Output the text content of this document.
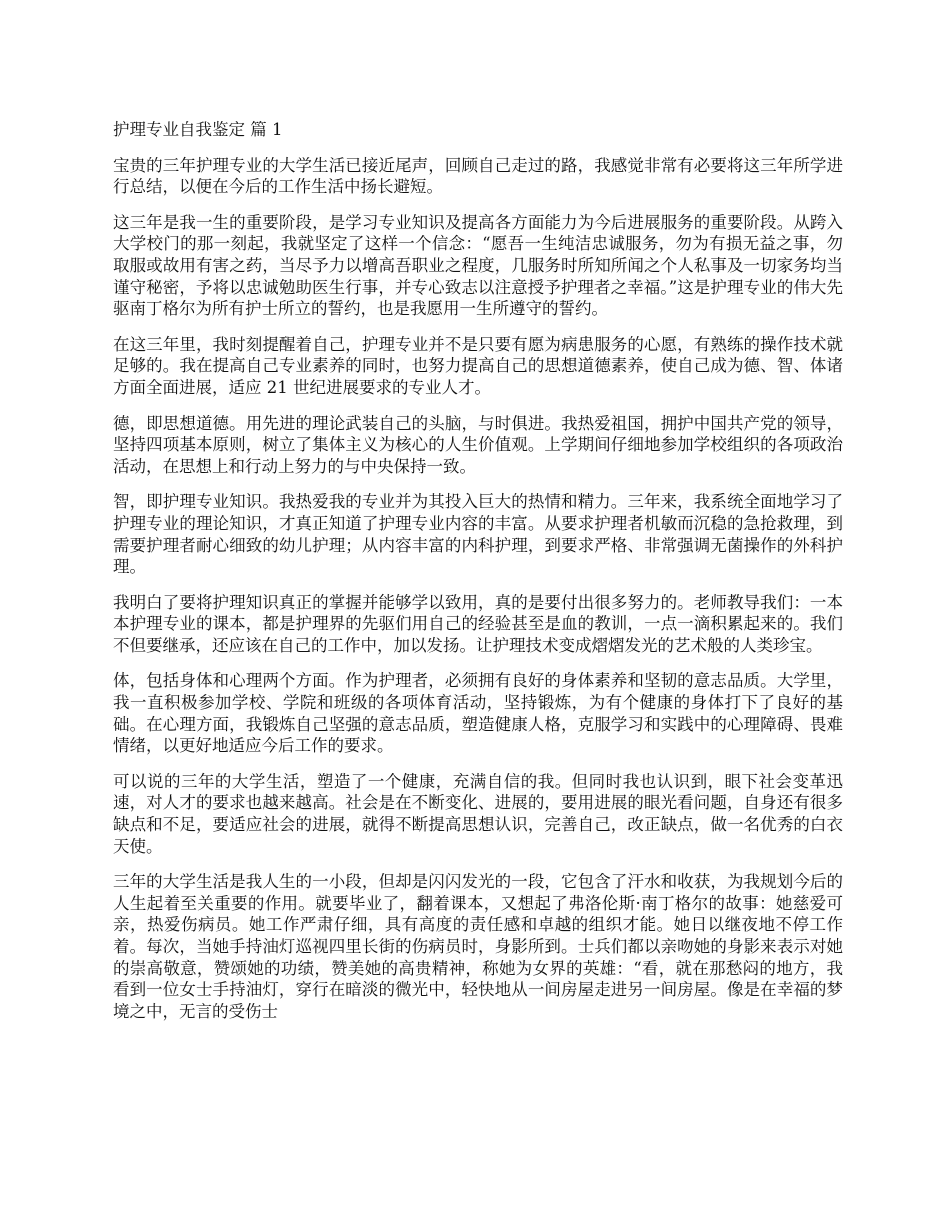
护理专业自我鉴定 篇 1

宝贵的三年护理专业的大学生活已接近尾声，回顾自己走过的路，我感觉非常有必要将这三年所学进行总结，以便在今后的工作生活中扬长避短。

这三年是我一生的重要阶段，是学习专业知识及提高各方面能力为今后进展服务的重要阶段。从跨入大学校门的那一刻起，我就坚定了这样一个信念：“愿吾一生纯洁忠诚服务，勿为有损无益之事，勿取服或故用有害之药，当尽予力以增高吾职业之程度，几服务时所知所闻之个人私事及一切家务均当谨守秘密，予将以忠诚勉助医生行事，并专心致志以注意授予护理者之幸福。”这是护理专业的伟大先驱南丁格尔为所有护士所立的誓约，也是我愿用一生所遵守的誓约。

在这三年里，我时刻提醒着自己，护理专业并不是只要有愿为病患服务的心愿，有熟练的操作技术就足够的。我在提高自己专业素养的同时，也努力提高自己的思想道德素养，使自己成为德、智、体诸方面全面进展，适应 21 世纪进展要求的专业人才。

德，即思想道德。用先进的理论武装自己的头脑，与时俱进。我热爱祖国，拥护中国共产党的领导，坚持四项基本原则，树立了集体主义为核心的人生价值观。上学期间仔细地参加学校组织的各项政治活动，在思想上和行动上努力的与中央保持一致。

智，即护理专业知识。我热爱我的专业并为其投入巨大的热情和精力。三年来，我系统全面地学习了护理专业的理论知识，才真正知道了护理专业内容的丰富。从要求护理者机敏而沉稳的急抢救理，到需要护理者耐心细致的幼儿护理；从内容丰富的内科护理，到要求严格、非常强调无菌操作的外科护理。

我明白了要将护理知识真正的掌握并能够学以致用，真的是要付出很多努力的。老师教导我们：一本本护理专业的课本，都是护理界的先驱们用自己的经验甚至是血的教训，一点一滴积累起来的。我们不但要继承，还应该在自己的工作中，加以发扬。让护理技术变成熠熠发光的艺术般的人类珍宝。

体，包括身体和心理两个方面。作为护理者，必须拥有良好的身体素养和坚韧的意志品质。大学里，我一直积极参加学校、学院和班级的各项体育活动，坚持锻炼，为有个健康的身体打下了良好的基础。在心理方面，我锻炼自己坚强的意志品质，塑造健康人格，克服学习和实践中的心理障碍、畏难情绪，以更好地适应今后工作的要求。

可以说的三年的大学生活，塑造了一个健康，充满自信的我。但同时我也认识到，眼下社会变革迅速，对人才的要求也越来越高。社会是在不断变化、进展的，要用进展的眼光看问题，自身还有很多缺点和不足，要适应社会的进展，就得不断提高思想认识，完善自己，改正缺点，做一名优秀的白衣天使。

三年的大学生活是我人生的一小段，但却是闪闪发光的一段，它包含了汗水和收获，为我规划今后的人生起着至关重要的作用。就要毕业了，翻着课本，又想起了弗洛伦斯·南丁格尔的故事：她慈爱可亲，热爱伤病员。她工作严肃仔细，具有高度的责任感和卓越的组织才能。她日以继夜地不停工作着。每次，当她手持油灯巡视四里长街的伤病员时，身影所到。士兵们都以亲吻她的身影来表示对她的崇高敬意，赞颂她的功绩，赞美她的高贵精神，称她为女界的英雄：“看，就在那愁闷的地方，我看到一位女士手持油灯，穿行在暗淡的微光中，轻快地从一间房屋走进另一间房屋。像是在幸福的梦境之中，无言的受伤士
